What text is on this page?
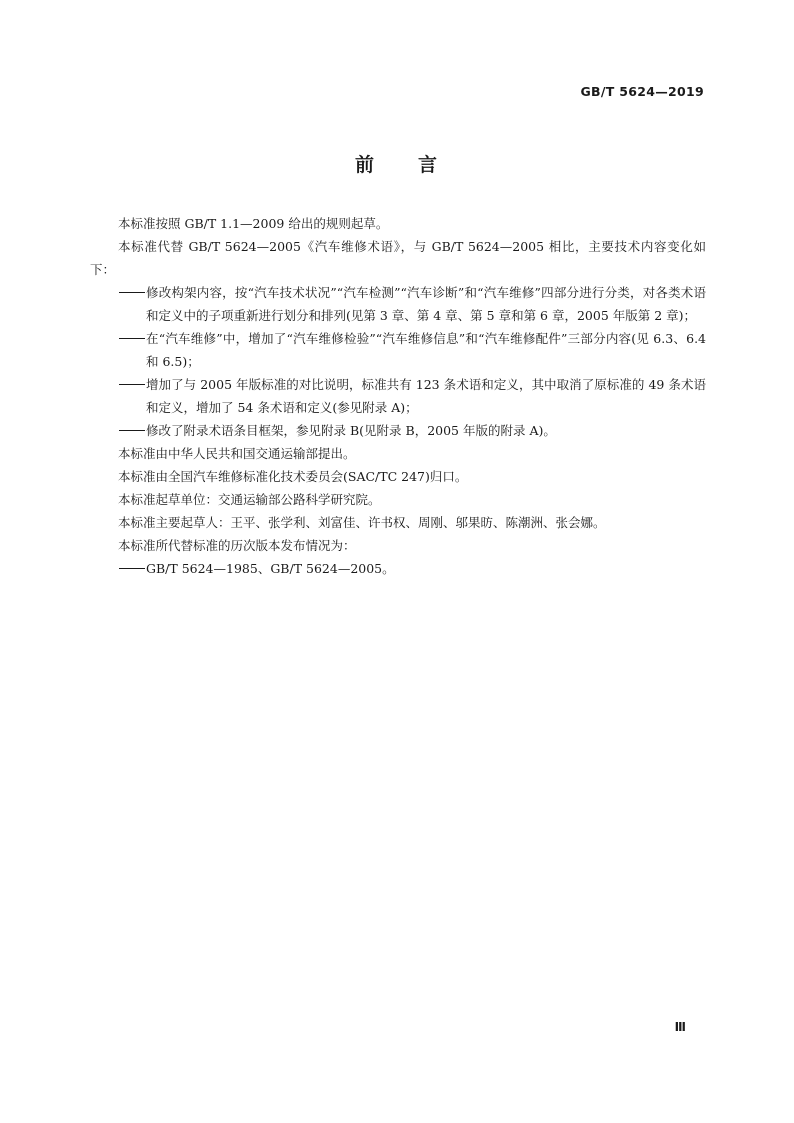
GB/T 5624—2019
前 言

本标准按照 GB/T 1.1—2009 给出的规则起草。

本标准代替 GB/T 5624—2005《汽车维修术语》，与 GB/T 5624—2005 相比，主要技术内容变化如下：

修改构架内容，按“汽车技术状况”“汽车检测”“汽车诊断”和“汽车维修”四部分进行分类，对各类术语和定义中的子项重新进行划分和排列(见第 3 章、第 4 章、第 5 章和第 6 章，2005 年版第 2 章)；

在“汽车维修”中，增加了“汽车维修检验”“汽车维修信息”和“汽车维修配件”三部分内容(见 6.3、6.4 和 6.5)；

增加了与 2005 年版标准的对比说明，标准共有 123 条术语和定义，其中取消了原标准的 49 条术语和定义，增加了 54 条术语和定义(参见附录 A)；

修改了附录术语条目框架，参见附录 B(见附录 B，2005 年版的附录 A)。

本标准由中华人民共和国交通运输部提出。

本标准由全国汽车维修标准化技术委员会(SAC/TC 247)归口。

本标准起草单位：交通运输部公路科学研究院。

本标准主要起草人：王平、张学利、刘富佳、许书权、周刚、邬果昉、陈潮洲、张会娜。

本标准所代替标准的历次版本发布情况为：

GB/T 5624—1985、GB/T 5624—2005。

Ⅲ
